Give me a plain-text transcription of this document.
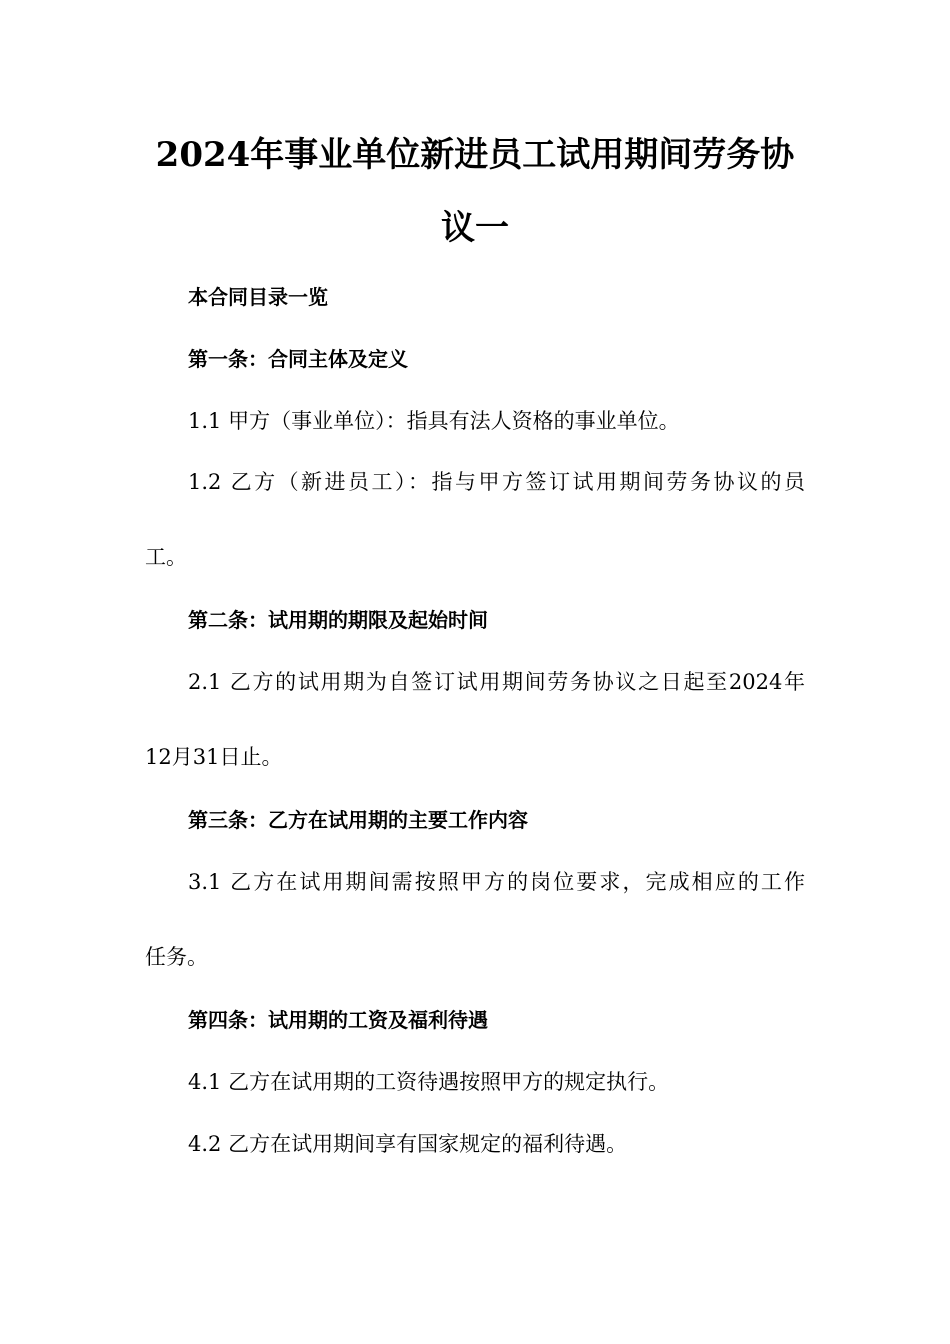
2024年事业单位新进员工试用期间劳务协
议一
本合同目录一览
第一条：合同主体及定义
1.1 甲方（事业单位）：指具有法人资格的事业单位。
1.2 乙方（新进员工）：指与甲方签订试用期间劳务协议的员
工。
第二条：试用期的期限及起始时间
2.1 乙方的试用期为自签订试用期间劳务协议之日起至2024年
12月31日止。
第三条：乙方在试用期的主要工作内容
3.1 乙方在试用期间需按照甲方的岗位要求，完成相应的工作
任务。
第四条：试用期的工资及福利待遇
4.1 乙方在试用期的工资待遇按照甲方的规定执行。
4.2 乙方在试用期间享有国家规定的福利待遇。
